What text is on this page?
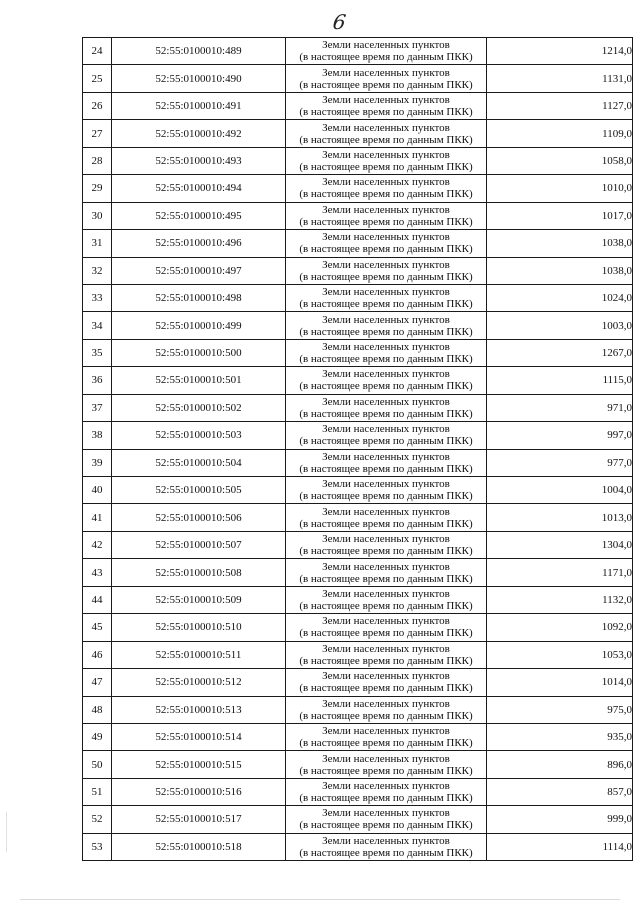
6
24	52:55:0100010:489	Земли населенных пунктов
(в настоящее время по данным ПКК)	1214,0
25	52:55:0100010:490	Земли населенных пунктов
(в настоящее время по данным ПКК)	1131,0
26	52:55:0100010:491	Земли населенных пунктов
(в настоящее время по данным ПКК)	1127,0
27	52:55:0100010:492	Земли населенных пунктов
(в настоящее время по данным ПКК)	1109,0
28	52:55:0100010:493	Земли населенных пунктов
(в настоящее время по данным ПКК)	1058,0
29	52:55:0100010:494	Земли населенных пунктов
(в настоящее время по данным ПКК)	1010,0
30	52:55:0100010:495	Земли населенных пунктов
(в настоящее время по данным ПКК)	1017,0
31	52:55:0100010:496	Земли населенных пунктов
(в настоящее время по данным ПКК)	1038,0
32	52:55:0100010:497	Земли населенных пунктов
(в настоящее время по данным ПКК)	1038,0
33	52:55:0100010:498	Земли населенных пунктов
(в настоящее время по данным ПКК)	1024,0
34	52:55:0100010:499	Земли населенных пунктов
(в настоящее время по данным ПКК)	1003,0
35	52:55:0100010:500	Земли населенных пунктов
(в настоящее время по данным ПКК)	1267,0
36	52:55:0100010:501	Земли населенных пунктов
(в настоящее время по данным ПКК)	1115,0
37	52:55:0100010:502	Земли населенных пунктов
(в настоящее время по данным ПКК)	971,0
38	52:55:0100010:503	Земли населенных пунктов
(в настоящее время по данным ПКК)	997,0
39	52:55:0100010:504	Земли населенных пунктов
(в настоящее время по данным ПКК)	977,0
40	52:55:0100010:505	Земли населенных пунктов
(в настоящее время по данным ПКК)	1004,0
41	52:55:0100010:506	Земли населенных пунктов
(в настоящее время по данным ПКК)	1013,0
42	52:55:0100010:507	Земли населенных пунктов
(в настоящее время по данным ПКК)	1304,0
43	52:55:0100010:508	Земли населенных пунктов
(в настоящее время по данным ПКК)	1171,0
44	52:55:0100010:509	Земли населенных пунктов
(в настоящее время по данным ПКК)	1132,0
45	52:55:0100010:510	Земли населенных пунктов
(в настоящее время по данным ПКК)	1092,0
46	52:55:0100010:511	Земли населенных пунктов
(в настоящее время по данным ПКК)	1053,0
47	52:55:0100010:512	Земли населенных пунктов
(в настоящее время по данным ПКК)	1014,0
48	52:55:0100010:513	Земли населенных пунктов
(в настоящее время по данным ПКК)	975,0
49	52:55:0100010:514	Земли населенных пунктов
(в настоящее время по данным ПКК)	935,0
50	52:55:0100010:515	Земли населенных пунктов
(в настоящее время по данным ПКК)	896,0
51	52:55:0100010:516	Земли населенных пунктов
(в настоящее время по данным ПКК)	857,0
52	52:55:0100010:517	Земли населенных пунктов
(в настоящее время по данным ПКК)	999,0
53	52:55:0100010:518	Земли населенных пунктов
(в настоящее время по данным ПКК)	1114,0
